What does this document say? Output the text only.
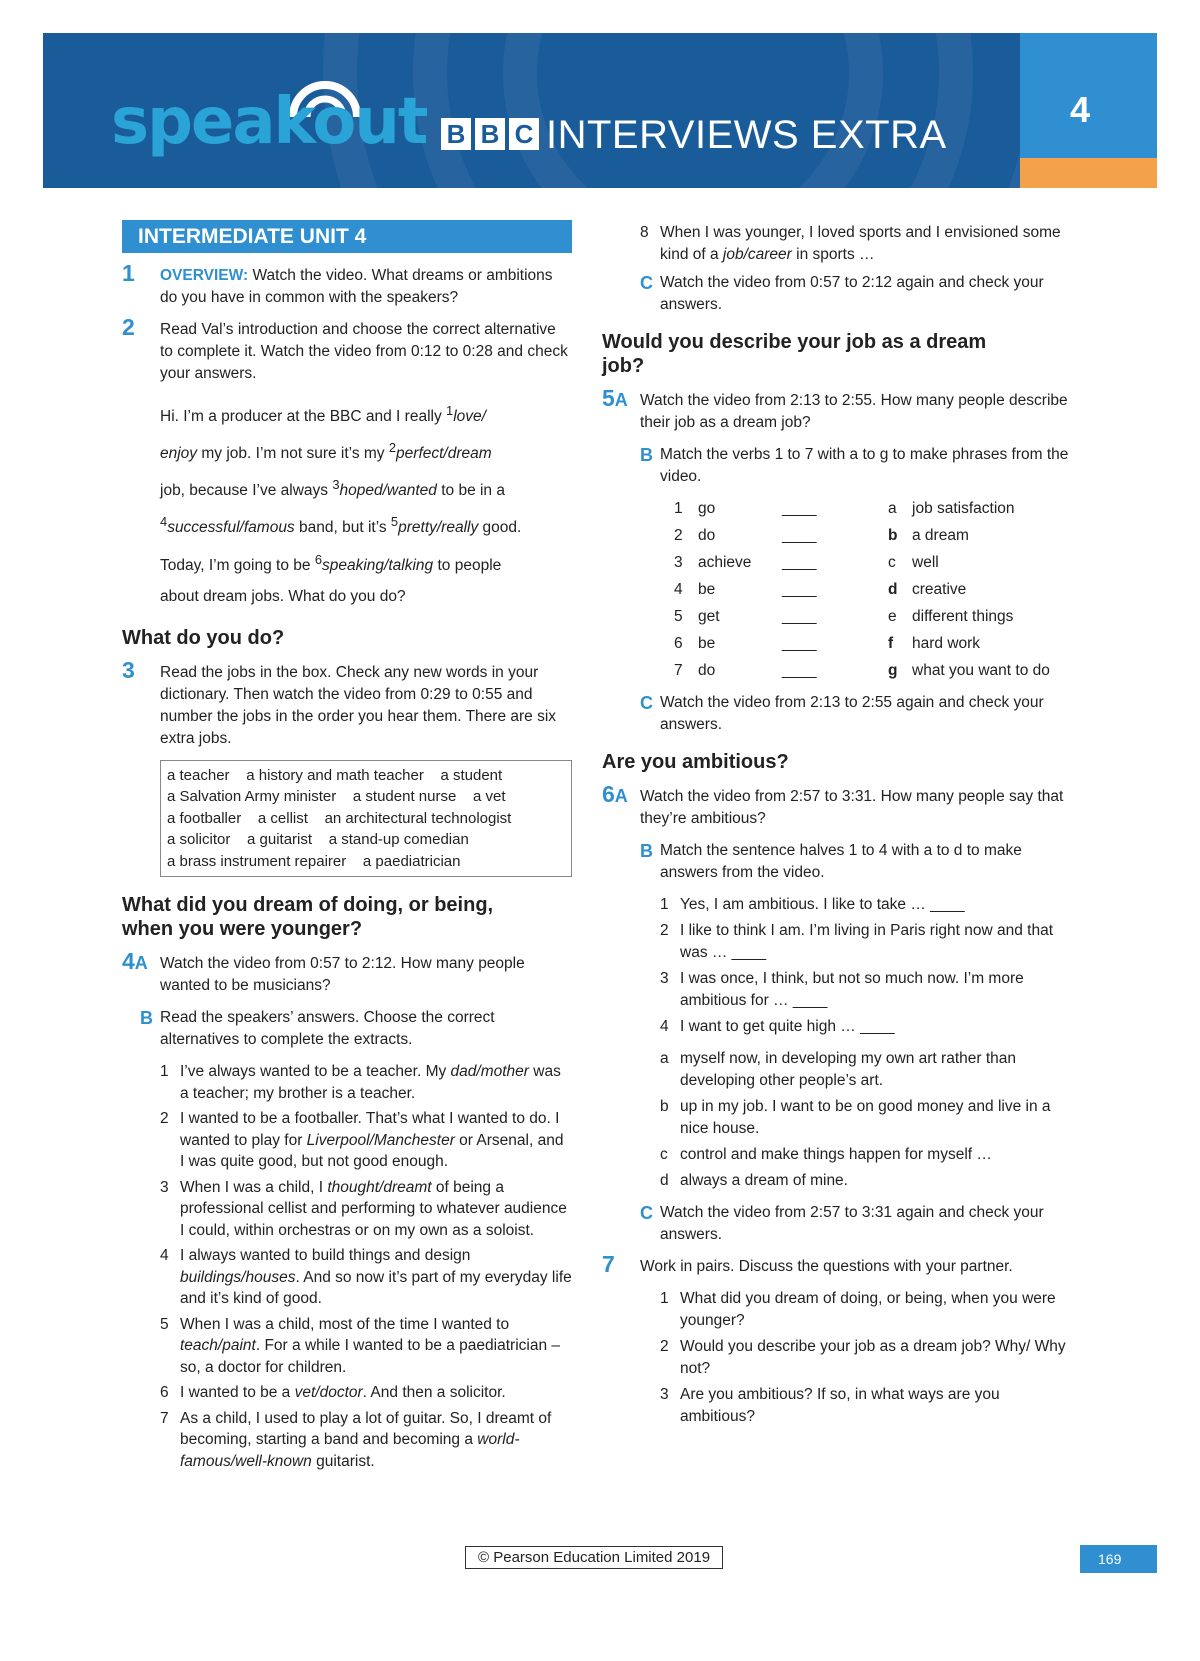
speakout B B C INTERVIEWS EXTRA
4
INTERMEDIATE UNIT 4
1 OVERVIEW: Watch the video. What dreams or ambitions do you have in common with the speakers?
2 Read Val’s introduction and choose the correct alternative to complete it. Watch the video from 0:12 to 0:28 and check your answers.
Hi. I’m a producer at the BBC and I really $^1$love/
enjoy my job. I’m not sure it’s my $^2$perfect/dream
job, because I’ve always $^3$hoped/wanted to be in a
$^4$successful/famous band, but it’s $^5$pretty/really good.
Today, I’m going to be $^6$speaking/talking to people
about dream jobs. What do you do?
What do you do?
3 Read the jobs in the box. Check any new words in your dictionary. Then watch the video from 0:29 to 0:55 and number the jobs in the order you hear them. There are six extra jobs.
a teacher    a history and math teacher    a student
a Salvation Army minister    a student nurse    a vet
a footballer    a cellist    an architectural technologist
a solicitor    a guitarist    a stand-up comedian
a brass instrument repairer    a paediatrician
What did you dream of doing, or being, when you were younger?
4A Watch the video from 0:57 to 2:12. How many people wanted to be musicians?
B Read the speakers’ answers. Choose the correct alternatives to complete the extracts.
1 I’ve always wanted to be a teacher. My dad/mother was a teacher; my brother is a teacher.
2 I wanted to be a footballer. That’s what I wanted to do. I wanted to play for Liverpool/Manchester or Arsenal, and I was quite good, but not good enough.
3 When I was a child, I thought/dreamt of being a professional cellist and performing to whatever audience I could, within orchestras or on my own as a soloist.
4 I always wanted to build things and design buildings/houses. And so now it’s part of my everyday life and it’s kind of good.
5 When I was a child, most of the time I wanted to teach/paint. For a while I wanted to be a paediatrician – so, a doctor for children.
6 I wanted to be a vet/doctor. And then a solicitor.
7 As a child, I used to play a lot of guitar. So, I dreamt of becoming, starting a band and becoming a world-famous/well-known guitarist.
8 When I was younger, I loved sports and I envisioned some kind of a job/career in sports …
C Watch the video from 0:57 to 2:12 again and check your answers.
Would you describe your job as a dream job?
5A Watch the video from 2:13 to 2:55. How many people describe their job as a dream job?
B Match the verbs 1 to 7 with a to g to make phrases from the video.
1 go	____	a job satisfaction
2 do	____	b a dream
3 achieve	____	c	well
4 be	____	d creative
5 get	____	e different things
6 be	____	f	hard work
7 do	____	g what you want to do
C Watch the video from 2:13 to 2:55 again and check your answers.
Are you ambitious?
6A Watch the video from 2:57 to 3:31. How many people say that they’re ambitious?
B Match the sentence halves 1 to 4 with a to d to make answers from the video.
1 Yes, I am ambitious. I like to take … ____
2 I like to think I am. I’m living in Paris right now and that was … ____
3 I was once, I think, but not so much now. I’m more ambitious for … ____
4 I want to get quite high … ____
a myself now, in developing my own art rather than developing other people’s art.
b up in my job. I want to be on good money and live in a nice house.
c control and make things happen for myself …
d always a dream of mine.
C Watch the video from 2:57 to 3:31 again and check your answers.
7 Work in pairs. Discuss the questions with your partner.
1 What did you dream of doing, or being, when you were younger?
2 Would you describe your job as a dream job? Why/ Why not?
3 Are you ambitious? If so, in what ways are you ambitious?
© Pearson Education Limited 2019	169
